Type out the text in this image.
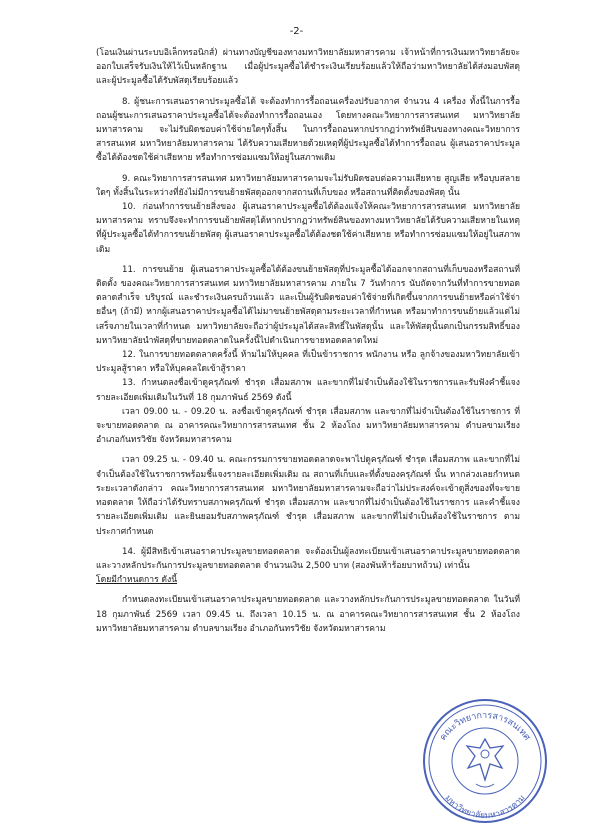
-2-

(โอนเงินผ่านระบบอิเล็กทรอนิกส์) ผ่านทางบัญชีของทางมหาวิทยาลัยมหาสารคาม เจ้าหน้าที่การเงินมหาวิทยาลัยจะออกใบเสร็จรับเงินให้ไว้เป็นหลักฐาน เมื่อผู้ประมูลซื้อได้ชำระเงินเรียบร้อยแล้วให้ถือว่ามหาวิทยาลัยได้ส่งมอบพัสดุ และผู้ประมูลซื้อได้รับพัสดุเรียบร้อยแล้ว

8. ผู้ชนะการเสนอราคาประมูลซื้อได้ จะต้องทำการรื้อถอนเครื่องปรับอากาศ จำนวน 4 เครื่อง ทั้งนี้ในการรื้อถอนผู้ชนะการเสนอราคาประมูลซื้อได้จะต้องทำการรื้อถอนเอง โดยทางคณะวิทยาการสารสนเทศ มหาวิทยาลัยมหาสารคาม จะไม่รับผิดชอบค่าใช้จ่ายใดๆทั้งสิ้น ในการรื้อถอนหากปรากฏว่าทรัพย์สินของทางคณะวิทยาการสารสนเทศ มหาวิทยาลัยมหาสารคาม ได้รับความเสียหายด้วยเหตุที่ผู้ประมูลซื้อได้ทำการรื้อถอน ผู้เสนอราคาประมูลซื้อได้ต้องชดใช้ค่าเสียหาย หรือทำการซ่อมแซมให้อยู่ในสภาพเดิม

9. คณะวิทยาการสารสนเทศ มหาวิทยาลัยมหาสารคามจะไม่รับผิดชอบต่อความเสียหาย สูญเสีย หรือบุบสลายใดๆ ทั้งสิ้นในระหว่างที่ยังไม่มีการขนย้ายพัสดุออกจากสถานที่เก็บของ หรือสถานที่ติดตั้งของพัสดุ นั้น

10. ก่อนทำการขนย้ายสิ่งของ ผู้เสนอราคาประมูลซื้อได้ต้องแจ้งให้คณะวิทยาการสารสนเทศ มหาวิทยาลัยมหาสารคาม ทราบจึงจะทำการขนย้ายพัสดุได้หากปรากฏว่าทรัพย์สินของทางมหาวิทยาลัยได้รับความเสียหายในเหตุที่ผู้ประมูลซื้อได้ทำการขนย้ายพัสดุ ผู้เสนอราคาประมูลซื้อได้ต้องชดใช้ค่าเสียหาย หรือทำการซ่อมแซมให้อยู่ในสภาพเดิม

11. การขนย้าย ผู้เสนอราคาประมูลซื้อได้ต้องขนย้ายพัสดุที่ประมูลซื้อได้ออกจากสถานที่เก็บของหรือสถานที่ติดตั้ง ของคณะวิทยาการสารสนเทศ มหาวิทยาลัยมหาสารคาม ภายใน 7 วันทำการ นับถัดจากวันที่ทำการขายทอดตลาดสำเร็จ บริบูรณ์ และชำระเงินครบถ้วนแล้ว และเป็นผู้รับผิดชอบค่าใช้จ่ายที่เกิดขึ้นจากการขนย้ายหรือค่าใช้จ่ายอื่นๆ (ถ้ามี) หากผู้เสนอราคาประมูลซื้อได้ไม่มาขนย้ายพัสดุตามระยะเวลาที่กำหนด หรือมาทำการขนย้ายแล้วแต่ไม่เสร็จภายในเวลาที่กำหนด มหาวิทยาลัยจะถือว่าผู้ประมูลได้สละสิทธิ์ในพัสดุนั้น และให้พัสดุนั้นตกเป็นกรรมสิทธิ์ของมหาวิทยาลัยนำพัสดุที่ขายทอดตลาดในครั้งนี้ไปดำเนินการขายทอดตลาดใหม่

12. ในการขายทอดตลาดครั้งนี้ ห้ามไม่ให้บุคคล ที่เป็นข้าราชการ พนักงาน หรือ ลูกจ้างของมหาวิทยาลัยเข้าประมูลสู้ราคา หรือให้บุคคลใดเข้าสู้ราคา

13. กำหนดลงชื่อเข้าดูครุภัณฑ์ ชำรุด เสื่อมสภาพ และขากที่ไม่จำเป็นต้องใช้ในราชการและรับฟังคำชี้แจงรายละเอียดเพิ่มเติมในวันที่ 18 กุมภาพันธ์ 2569 ดังนี้

เวลา 09.00 น. - 09.20 น. ลงชื่อเข้าดูครุภัณฑ์ ชำรุด เสื่อมสภาพ และขากที่ไม่จำเป็นต้องใช้ในราชการ ที่จะขายทอดตลาด ณ อาคารคณะวิทยาการสารสนเทศ ชั้น 2 ห้องโถง มหาวิทยาลัยมหาสารคาม ตำบลขามเรียง อำเภอกันทรวิชัย จังหวัดมหาสารคาม

เวลา 09.25 น. - 09.40 น. คณะกรรมการขายทอดตลาดจะพาไปดูครุภัณฑ์ ชำรุด เสื่อมสภาพ และขากที่ไม่จำเป็นต้องใช้ในราชการพร้อมชี้แจงรายละเอียดเพิ่มเติม ณ สถานที่เก็บและที่ตั้งของครุภัณฑ์ นั้น หากล่วงเลยกำหนดระยะเวลาดังกล่าว คณะวิทยาการสารสนเทศ มหาวิทยาลัยมหาสารคามจะถือว่าไม่ประสงค์จะเข้าดูสิ่งของที่จะขายทอดตลาด ให้ถือว่าได้รับทราบสภาพครุภัณฑ์ ชำรุด เสื่อมสภาพ และขากที่ไม่จำเป็นต้องใช้ในราชการ และคำชี้แจงรายละเอียดเพิ่มเติม และยินยอมรับสภาพครุภัณฑ์ ชำรุด เสื่อมสภาพ และขากที่ไม่จำเป็นต้องใช้ในราชการ ตามประกาศกำหนด

14. ผู้มีสิทธิเข้าเสนอราคาประมูลขายทอดตลาด จะต้องเป็นผู้ลงทะเบียนเข้าเสนอราคาประมูลขายทอดตลาด และวางหลักประกันการประมูลขายทอดตลาด จำนวนเงิน 2,500 บาท (สองพันห้าร้อยบาทถ้วน) เท่านั้น

โดยมีกำหนดการ ดังนี้

กำหนดลงทะเบียนเข้าเสนอราคาประมูลขายทอดตลาด และวางหลักประกันการประมูลขายทอดตลาด ในวันที่ 18 กุมภาพันธ์ 2569 เวลา 09.45 น. ถึงเวลา 10.15 น. ณ อาคารคณะวิทยาการสารสนเทศ ชั้น 2 ห้องโถง มหาวิทยาลัยมหาสารคาม ตำบลขามเรียง อำเภอกันทรวิชัย จังหวัดมหาสารคาม

คณะวิทยาการสารสนเทศ
มหาวิทยาลัยมหาสารคาม
